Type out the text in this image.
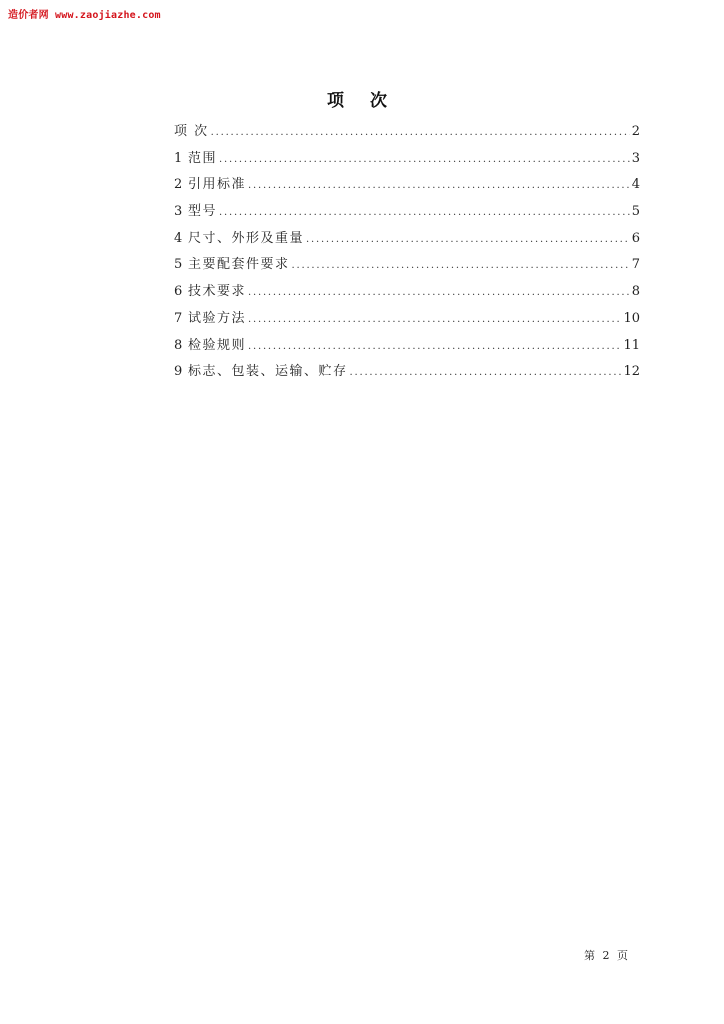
造价者网 www.zaojiazhe.com
项 次
项 次 .....	2
1 范围 .....	3
2 引用标准 .....	4
3 型号 .....	5
4 尺寸、外形及重量 .....	6
5 主要配套件要求 .....	7
6 技术要求 .....	8
7 试验方法 .....	10
8 检验规则 .....	11
9 标志、包装、运输、贮存 .....	12
第 2 页
